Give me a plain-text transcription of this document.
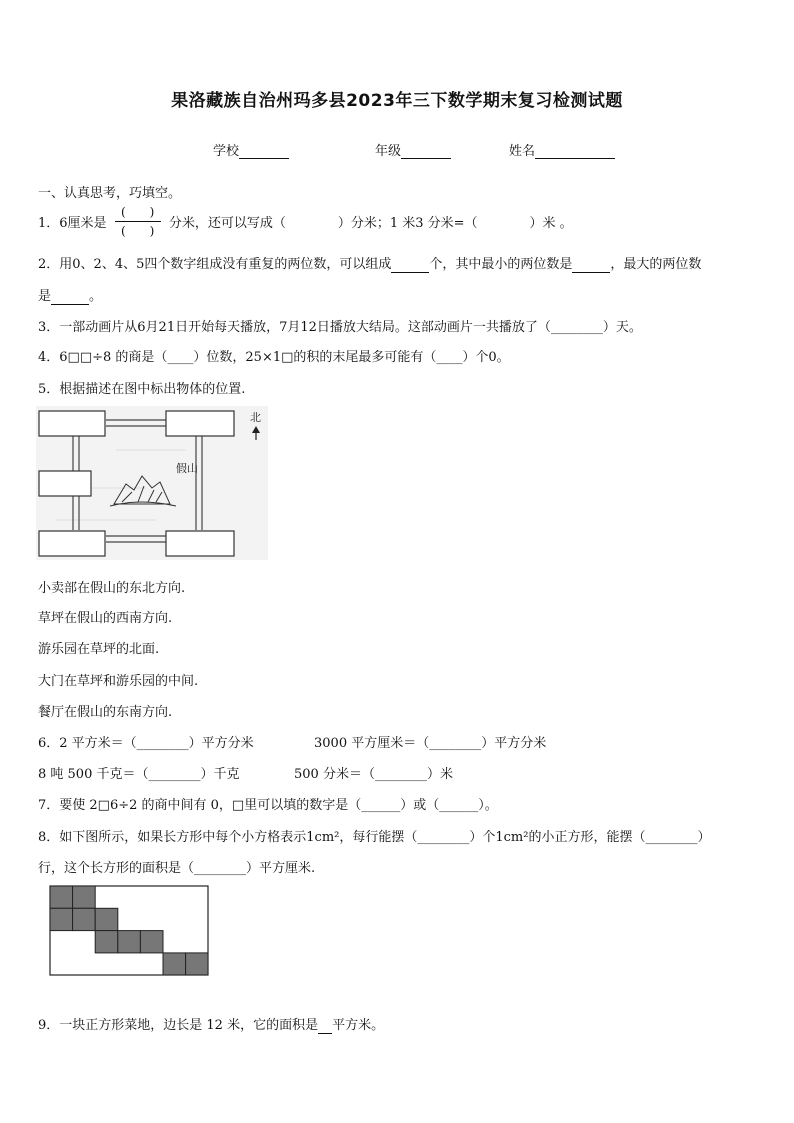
果洛藏族自治州玛多县2023年三下数学期末复习检测试题
学校	年级	姓名
一、认真思考，巧填空。
1．6厘米是 $\frac{( )}{( )}$ 分米，还可以写成（　　　　）分米；1 米3 分米=（　　　　）米 。
2．用0、2、4、5四个数字组成没有重复的两位数，可以组成	个，其中最小的两位数是	，最大的两位数
是	。
3．一部动画片从6月21日开始每天播放，7月12日播放大结局。这部动画片一共播放了（________）天。
4．6□□÷8 的商是（____）位数，25×1□的积的末尾最多可能有（____）个0。
5．根据描述在图中标出物体的位置.
假山
北
小卖部在假山的东北方向.
草坪在假山的西南方向.
游乐园在草坪的北面.
大门在草坪和游乐园的中间.
餐厅在假山的东南方向.
6．2 平方米＝（________）平方分米	3000 平方厘米＝（________）平方分米
8 吨 500 千克＝（________）千克	500 分米＝（________）米
7．要使 2□6÷2 的商中间有 0，□里可以填的数字是（______）或（______）。
8．如下图所示，如果长方形中每个小方格表示1cm²，每行能摆（________）个1cm²的小正方形，能摆（________）
行，这个长方形的面积是（________）平方厘米.
9．一块正方形菜地，边长是 12 米，它的面积是 平方米。
